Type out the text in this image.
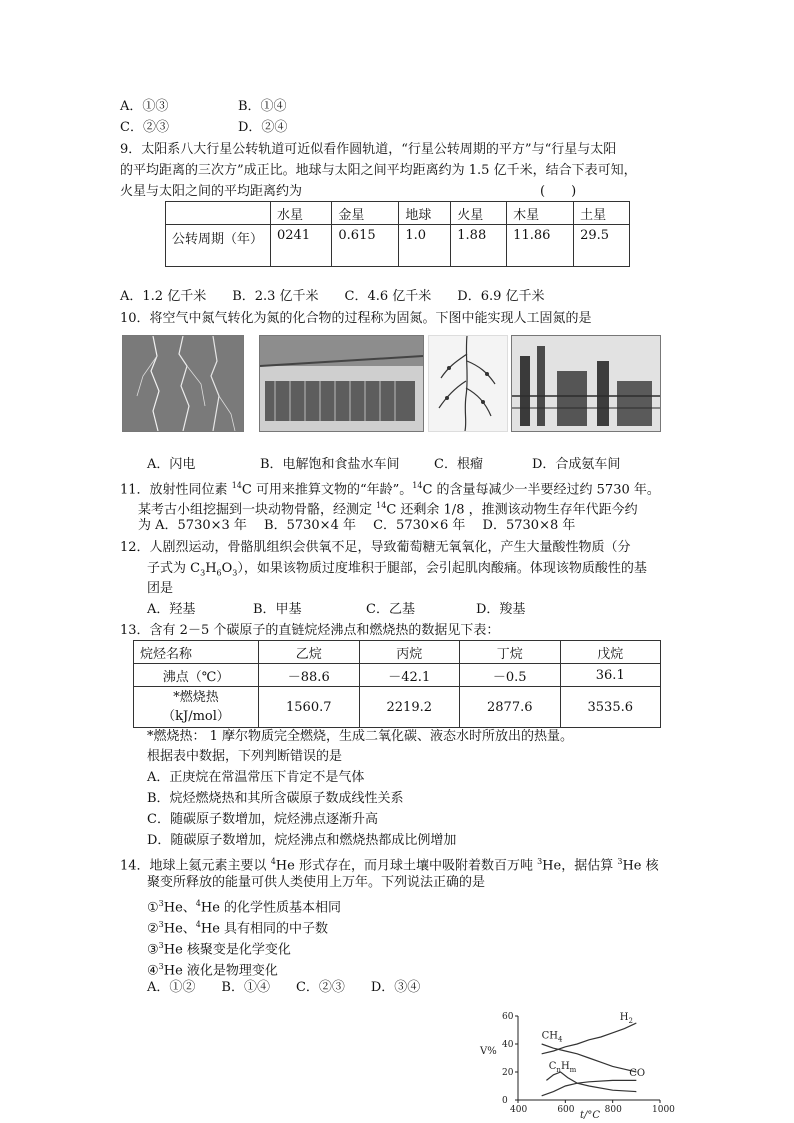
A．①③	B．①④
C．②③	D．②④
9．太阳系八大行星公转轨道可近似看作圆轨道，“行星公转周期的平方”与“行星与太阳
的平均距离的三次方”成正比。地球与太阳之间平均距离约为 1.5 亿千米，结合下表可知，
火星与太阳之间的平均距离约为	(　　)
	水星	金星	地球	火星	木星	土星
公转周期（年）	0241	0.615	1.0	1.88	11.86	29.5
A．1.2 亿千米　　B．2.3 亿千米　　C．4.6 亿千米　　D．6.9 亿千米
10．将空气中氮气转化为氮的化合物的过程称为固氮。下图中能实现人工固氮的是
A．闪电	B．电解饱和食盐水车间	C．根瘤	D．合成氨车间
11．放射性同位素 $^{14}$C 可用来推算文物的“年龄”。$^{14}$C 的含量每减少一半要经过约 5730 年。
某考古小组挖掘到一块动物骨骼，经测定 $^{14}$C 还剩余 1/8 ，推测该动物生存年代距今约
为 A．5730×3 年　 B．5730×4 年　 C．5730×6 年　 D．5730×8 年
12．人剧烈运动，骨骼肌组织会供氧不足，导致葡萄糖无氧氧化，产生大量酸性物质（分
子式为 $C_3H_6O_3$），如果该物质过度堆积于腿部，会引起肌肉酸痛。体现该物质酸性的基
团是
A．羟基	B．甲基	C．乙基	D．羧基
13．含有 2－5 个碳原子的直链烷烃沸点和燃烧热的数据见下表：
烷烃名称	乙烷	丙烷	丁烷	戊烷
沸点（℃）	－88.6	－42.1	－0.5	36.1
*燃烧热
（kJ/mol）	1560.7	2219.2	2877.6	3535.6
*燃烧热： 1 摩尔物质完全燃烧，生成二氧化碳、液态水时所放出的热量。
根据表中数据，下列判断错误的是
A．正庚烷在常温常压下肯定不是气体
B．烷烃燃烧热和其所含碳原子数成线性关系
C．随碳原子数增加，烷烃沸点逐渐升高
D．随碳原子数增加，烷烃沸点和燃烧热都成比例增加
14．地球上氦元素主要以 $^4$He 形式存在，而月球土壤中吸附着数百万吨 $^3$He，据估算 $^3$He 核
聚变所释放的能量可供人类使用上万年。下列说法正确的是
①$^3$He、$^4$He 的化学性质基本相同
②$^3$He、$^4$He 具有相同的中子数
③$^3$He 核聚变是化学变化
④$^3$He 液化是物理变化
A．①②　　B．①④　　C．②③　　D．③④
400	600	800	1000
0
20
40
60
$CH_4$
$H_2$
$C_nH_m$	CO
V%
t/°C
